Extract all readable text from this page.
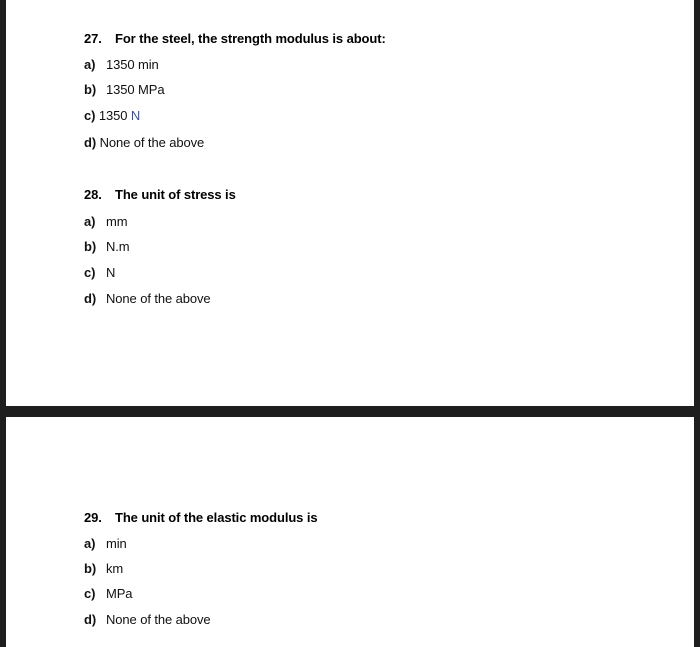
27. For the steel, the strength modulus is about:
a) 1350 min
b) 1350 MPa
c) 1350 N
d) None of the above
28. The unit of stress is
a) mm
b) N.m
c) N
d) None of the above
29. The unit of the elastic modulus is
a) min
b) km
c) MPa
d) None of the above
